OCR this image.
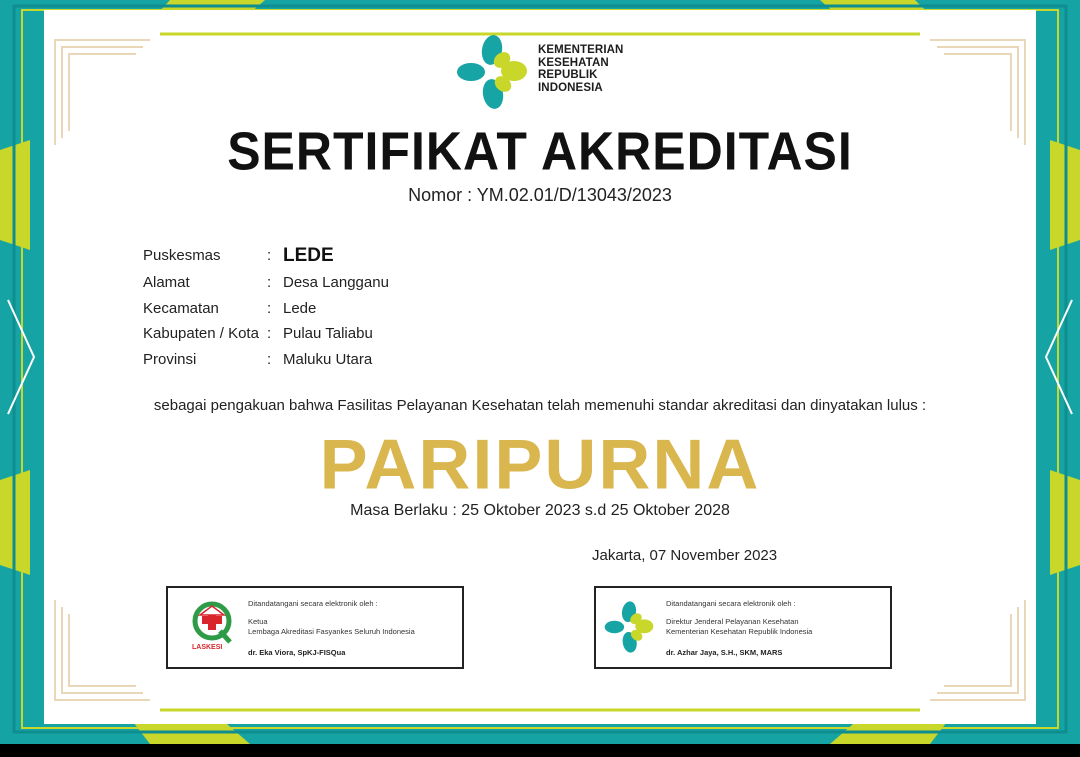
KEMENTERIAN
KESEHATAN
REPUBLIK
INDONESIA
SERTIFIKAT AKREDITASI
Nomor : YM.02.01/D/13043/2023
Puskesmas	: LEDE
Alamat	: Desa Langganu
Kecamatan	: Lede
Kabupaten / Kota : Pulau Taliabu
Provinsi	: Maluku Utara
sebagai pengakuan bahwa Fasilitas Pelayanan Kesehatan telah memenuhi standar akreditasi dan dinyatakan lulus :
PARIPURNA
Masa Berlaku : 25 Oktober 2023 s.d 25 Oktober 2028
Jakarta, 07 November 2023
LASKESI
Ditandatangani secara elektronik oleh :
Ketua
Lembaga Akreditasi Fasyankes Seluruh Indonesia
dr. Eka Viora, SpKJ-FISQua
Ditandatangani secara elektronik oleh :
Direktur Jenderal Pelayanan Kesehatan
Kementerian Kesehatan Republik Indonesia
dr. Azhar Jaya, S.H., SKM, MARS
